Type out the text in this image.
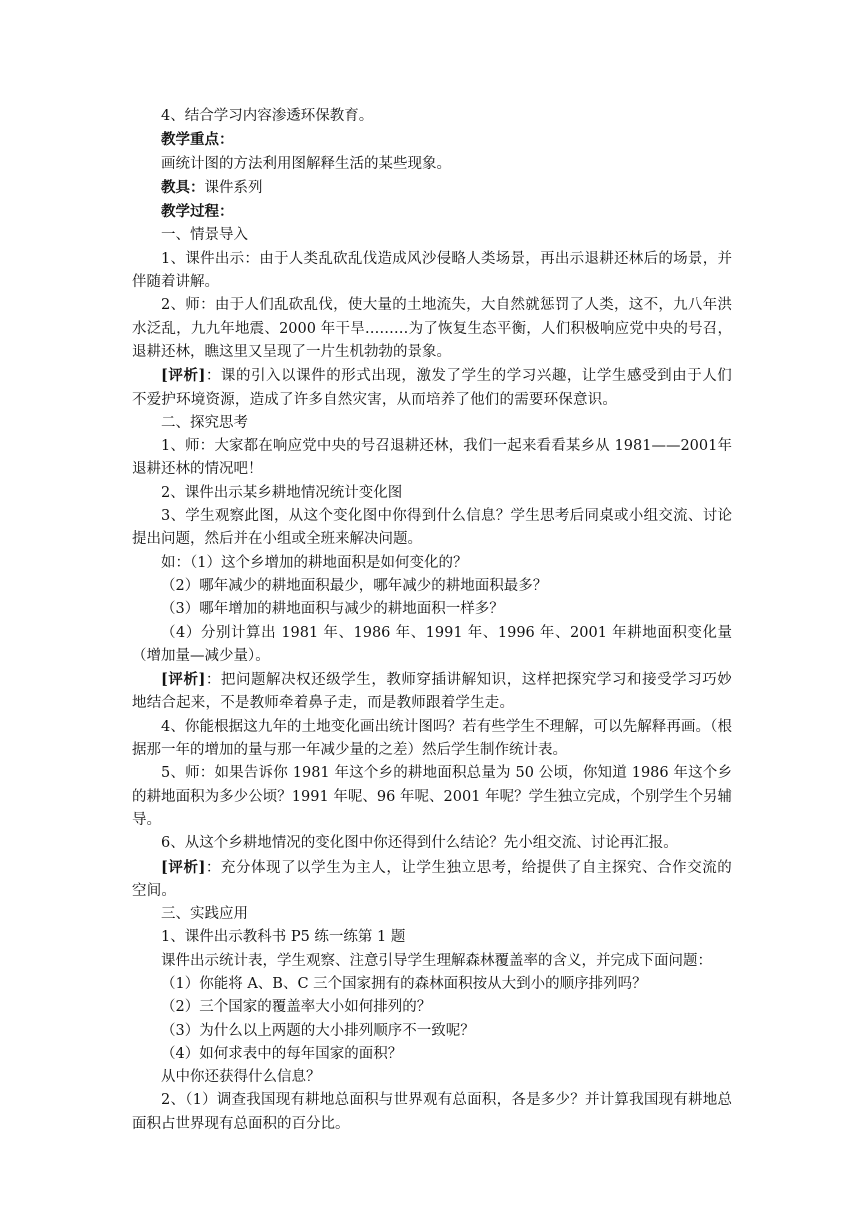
4、结合学习内容渗透环保教育。

教学重点：

画统计图的方法利用图解释生活的某些现象。

教具：课件系列

教学过程：

一、情景导入

1、课件出示：由于人类乱砍乱伐造成风沙侵略人类场景，再出示退耕还林后的场景，并伴随着讲解。

2、师：由于人们乱砍乱伐，使大量的土地流失，大自然就惩罚了人类，这不，九八年洪水泛乱，九九年地震、2000 年干旱………为了恢复生态平衡，人们积极响应党中央的号召，退耕还林，瞧这里又呈现了一片生机勃勃的景象。

[评析]：课的引入以课件的形式出现，激发了学生的学习兴趣，让学生感受到由于人们不爱护环境资源，造成了许多自然灾害，从而培养了他们的需要环保意识。

二、探究思考

1、师：大家都在响应党中央的号召退耕还林，我们一起来看看某乡从 1981——2001年退耕还林的情况吧！

2、课件出示某乡耕地情况统计变化图

3、学生观察此图，从这个变化图中你得到什么信息？学生思考后同桌或小组交流、讨论提出问题，然后并在小组或全班来解决问题。

如：（1）这个乡增加的耕地面积是如何变化的？

（2）哪年减少的耕地面积最少，哪年减少的耕地面积最多？

（3）哪年增加的耕地面积与减少的耕地面积一样多？

（4）分别计算出 1981 年、1986 年、1991 年、1996 年、2001 年耕地面积变化量（增加量—减少量）。

[评析]：把问题解决权还级学生，教师穿插讲解知识，这样把探究学习和接受学习巧妙地结合起来，不是教师牵着鼻子走，而是教师跟着学生走。

4、你能根据这九年的土地变化画出统计图吗？若有些学生不理解，可以先解释再画。（根据那一年的增加的量与那一年减少量的之差）然后学生制作统计表。

5、师：如果告诉你 1981 年这个乡的耕地面积总量为 50 公顷，你知道 1986 年这个乡的耕地面积为多少公顷？1991 年呢、96 年呢、2001 年呢？学生独立完成，个别学生个另辅导。

6、从这个乡耕地情况的变化图中你还得到什么结论？先小组交流、讨论再汇报。

[评析]：充分体现了以学生为主人，让学生独立思考，给提供了自主探究、合作交流的空间。

三、实践应用

1、课件出示教科书 P5 练一练第 1 题

课件出示统计表，学生观察、注意引导学生理解森林覆盖率的含义，并完成下面问题：

（1）你能将 A、B、C 三个国家拥有的森林面积按从大到小的顺序排列吗？

（2）三个国家的覆盖率大小如何排列的？

（3）为什么以上两题的大小排列顺序不一致呢？

（4）如何求表中的每年国家的面积？

从中你还获得什么信息？

2、（1）调查我国现有耕地总面积与世界观有总面积，各是多少？并计算我国现有耕地总面积占世界现有总面积的百分比。
